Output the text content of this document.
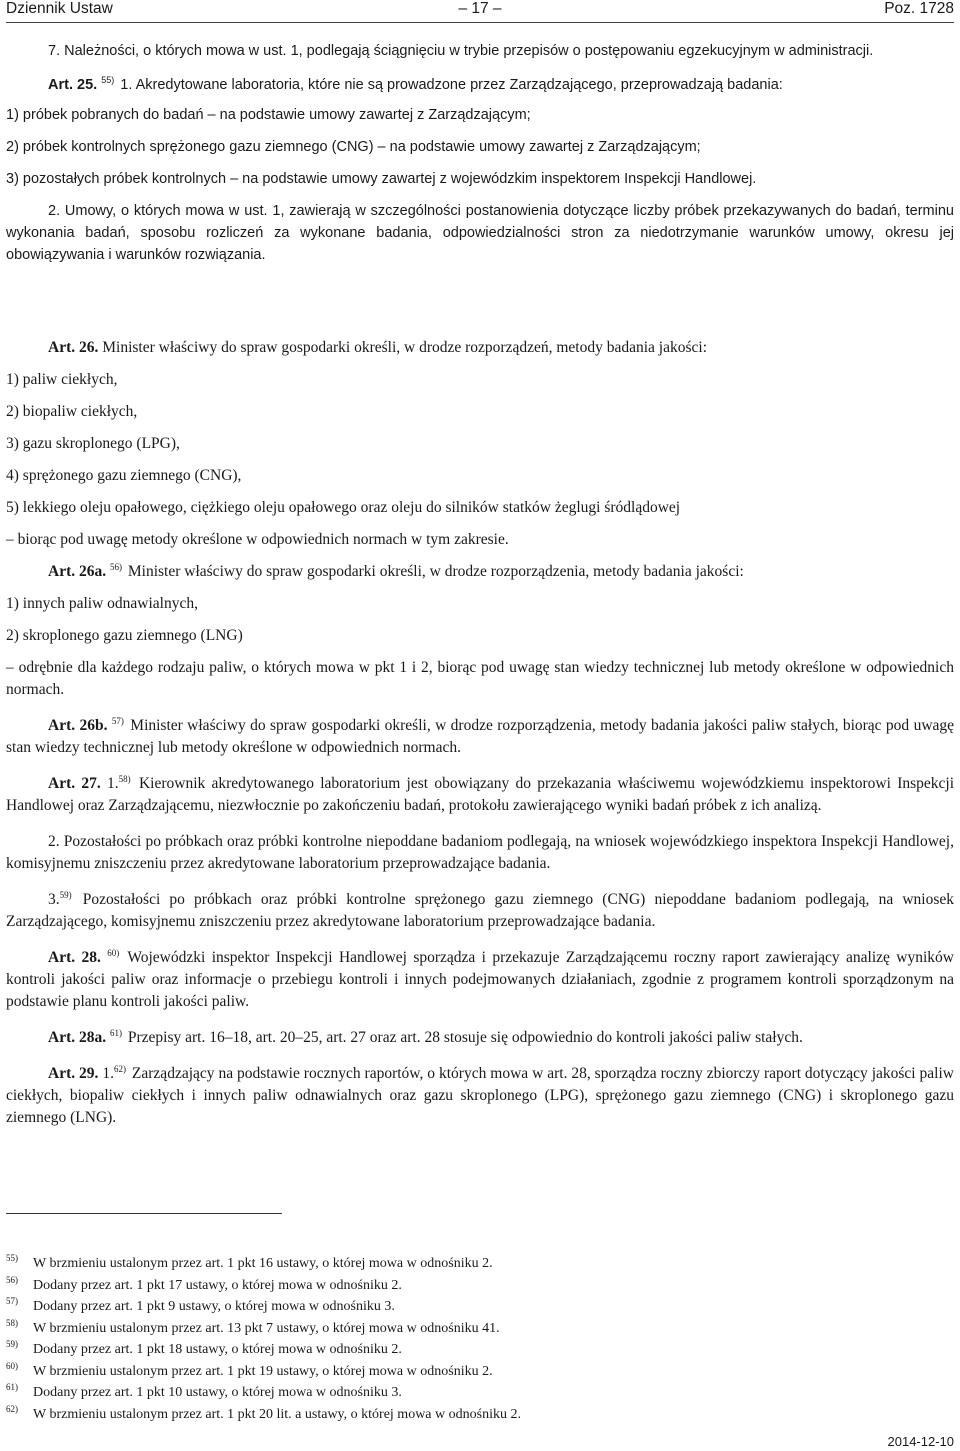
Dziennik Ustaw	– 17 –	Poz. 1728

7. Należności, o których mowa w ust. 1, podlegają ściągnięciu w trybie przepisów o postępowaniu egzekucyjnym w administracji.

Art. 25. $^{55)}$ 1. Akredytowane laboratoria, które nie są prowadzone przez Zarządzającego, przeprowadzają badania:

1) próbek pobranych do badań – na podstawie umowy zawartej z Zarządzającym;

2) próbek kontrolnych sprężonego gazu ziemnego (CNG) – na podstawie umowy zawartej z Zarządzającym;

3) pozostałych próbek kontrolnych – na podstawie umowy zawartej z wojewódzkim inspektorem Inspekcji Handlowej.

2. Umowy, o których mowa w ust. 1, zawierają w szczególności postanowienia dotyczące liczby próbek przekazywanych do badań, terminu wykonania badań, sposobu rozliczeń za wykonane badania, odpowiedzialności stron za niedotrzymanie warunków umowy, okresu jej obowiązywania i warunków rozwiązania.

Art. 26. Minister właściwy do spraw gospodarki określi, w drodze rozporządzeń, metody badania jakości:

1) paliw ciekłych,

2) biopaliw ciekłych,

3) gazu skroplonego (LPG),

4) sprężonego gazu ziemnego (CNG),

5) lekkiego oleju opałowego, ciężkiego oleju opałowego oraz oleju do silników statków żeglugi śródlądowej

– biorąc pod uwagę metody określone w odpowiednich normach w tym zakresie.

Art. 26a. $^{56)}$ Minister właściwy do spraw gospodarki określi, w drodze rozporządzenia, metody badania jakości:

1) innych paliw odnawialnych,

2) skroplonego gazu ziemnego (LNG)

– odrębnie dla każdego rodzaju paliw, o których mowa w pkt 1 i 2, biorąc pod uwagę stan wiedzy technicznej lub metody określone w odpowiednich normach.

Art. 26b. $^{57)}$ Minister właściwy do spraw gospodarki określi, w drodze rozporządzenia, metody badania jakości paliw stałych, biorąc pod uwagę stan wiedzy technicznej lub metody określone w odpowiednich normach.

Art. 27. 1.$^{58)}$ Kierownik akredytowanego laboratorium jest obowiązany do przekazania właściwemu wojewódzkiemu inspektorowi Inspekcji Handlowej oraz Zarządzającemu, niezwłocznie po zakończeniu badań, protokołu zawierającego wyniki badań próbek z ich analizą.

2. Pozostałości po próbkach oraz próbki kontrolne niepoddane badaniom podlegają, na wniosek wojewódzkiego inspektora Inspekcji Handlowej, komisyjnemu zniszczeniu przez akredytowane laboratorium przeprowadzające badania.

3.$^{59)}$ Pozostałości po próbkach oraz próbki kontrolne sprężonego gazu ziemnego (CNG) niepoddane badaniom podlegają, na wniosek Zarządzającego, komisyjnemu zniszczeniu przez akredytowane laboratorium przeprowadzające badania.

Art. 28. $^{60)}$ Wojewódzki inspektor Inspekcji Handlowej sporządza i przekazuje Zarządzającemu roczny raport zawierający analizę wyników kontroli jakości paliw oraz informacje o przebiegu kontroli i innych podejmowanych działaniach, zgodnie z programem kontroli sporządzonym na podstawie planu kontroli jakości paliw.

Art. 28a. $^{61)}$ Przepisy art. 16–18, art. 20–25, art. 27 oraz art. 28 stosuje się odpowiednio do kontroli jakości paliw stałych.

Art. 29. 1.$^{62)}$ Zarządzający na podstawie rocznych raportów, o których mowa w art. 28, sporządza roczny zbiorczy raport dotyczący jakości paliw ciekłych, biopaliw ciekłych i innych paliw odnawialnych oraz gazu skroplonego (LPG), sprężonego gazu ziemnego (CNG) i skroplonego gazu ziemnego (LNG).

55) W brzmieniu ustalonym przez art. 1 pkt 16 ustawy, o której mowa w odnośniku 2.

56) Dodany przez art. 1 pkt 17 ustawy, o której mowa w odnośniku 2.

57) Dodany przez art. 1 pkt 9 ustawy, o której mowa w odnośniku 3.

58) W brzmieniu ustalonym przez art. 13 pkt 7 ustawy, o której mowa w odnośniku 41.

59) Dodany przez art. 1 pkt 18 ustawy, o której mowa w odnośniku 2.

60) W brzmieniu ustalonym przez art. 1 pkt 19 ustawy, o której mowa w odnośniku 2.

61) Dodany przez art. 1 pkt 10 ustawy, o której mowa w odnośniku 3.

62) W brzmieniu ustalonym przez art. 1 pkt 20 lit. a ustawy, o której mowa w odnośniku 2.

2014-12-10
